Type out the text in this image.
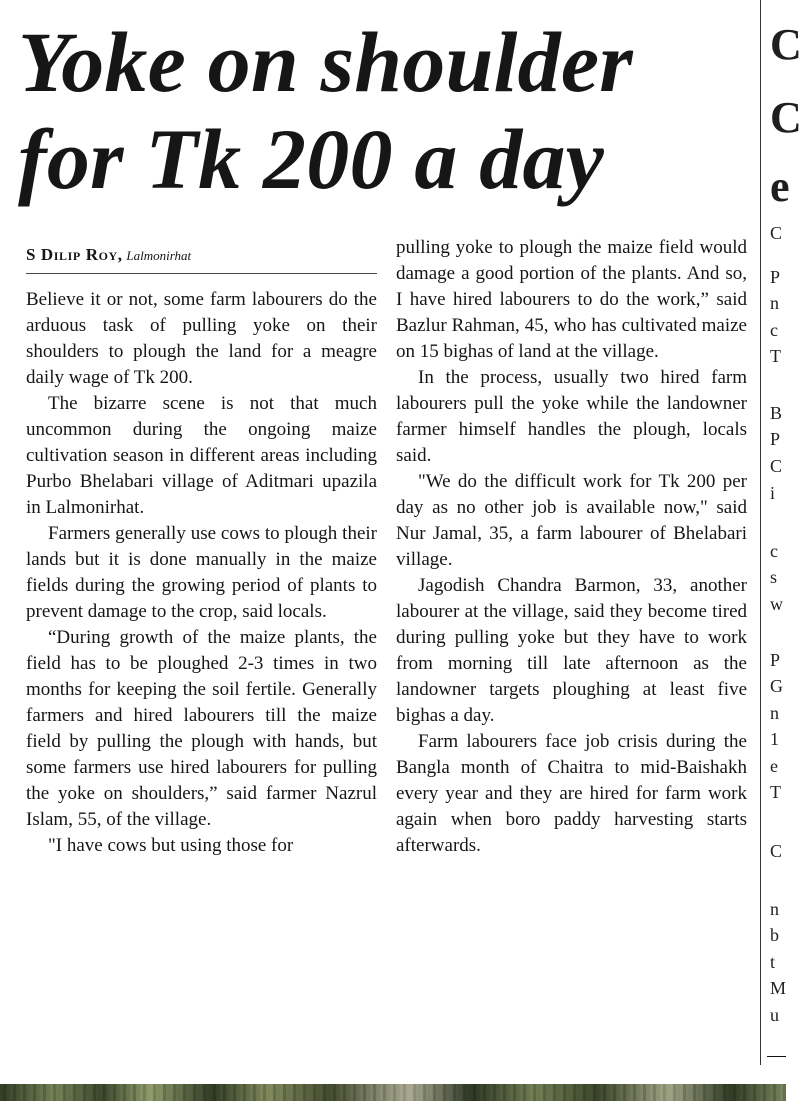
Yoke on shoulder
for Tk 200 a day
S Dilip Roy, Lalmonirhat

Believe it or not, some farm labourers do the arduous task of pulling yoke on their shoulders to plough the land for a meagre daily wage of Tk 200.

The bizarre scene is not that much uncommon during the ongoing maize cultivation season in different areas including Purbo Bhelabari village of Aditmari upazila in Lalmonirhat.

Farmers generally use cows to plough their lands but it is done manually in the maize fields during the growing period of plants to prevent damage to the crop, said locals.

“During growth of the maize plants, the field has to be ploughed 2-3 times in two months for keeping the soil fertile. Generally farmers and hired labourers till the maize field by pulling the plough with hands, but some farmers use hired labourers for pulling the yoke on shoulders,” said farmer Nazrul Islam, 55, of the village.

"I have cows but using those for

pulling yoke to plough the maize field would damage a good portion of the plants. And so, I have hired labourers to do the work,” said Bazlur Rahman, 45, who has cultivated maize on 15 bighas of land at the village.

In the process, usually two hired farm labourers pull the yoke while the landowner farmer himself handles the plough, locals said.

"We do the difficult work for Tk 200 per day as no other job is available now," said Nur Jamal, 35, a farm labourer of Bhelabari village.

Jagodish Chandra Barmon, 33, another labourer at the village, said they become tired during pulling yoke but they have to work from morning till late afternoon as the landowner targets ploughing at least five bighas a day.

Farm labourers face job crisis during the Bangla month of Chaitra to mid-Baishakh every year and they are hired for farm work again when boro paddy harvesting starts afterwards.

C
C
e
C
P
n
c
T
B
P
C
i
c
s
w
P
G
n
1
e
T
C
n
b
t
M
u
